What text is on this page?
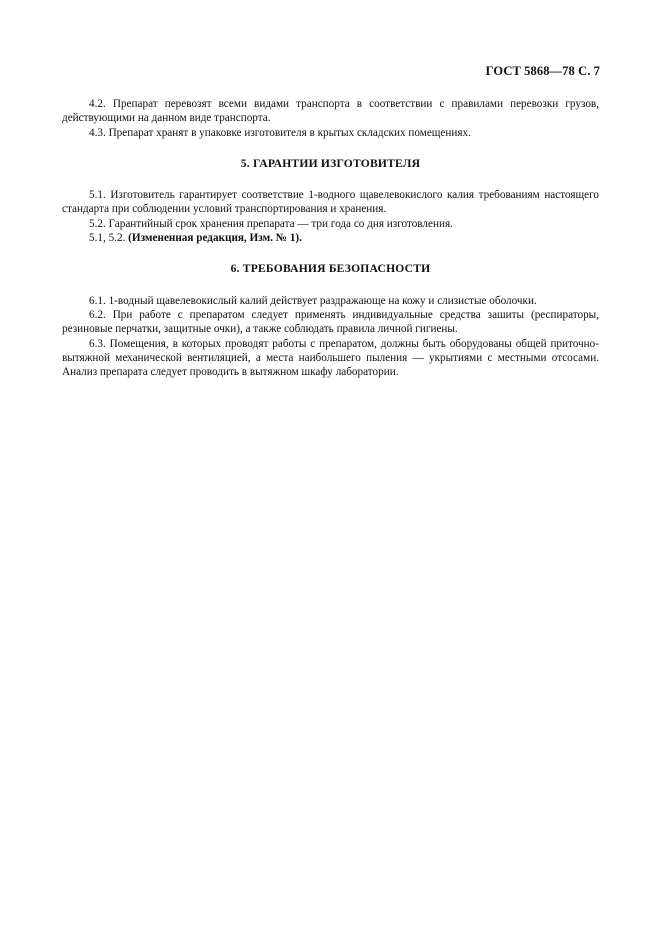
ГОСТ 5868—78 С. 7

4.2. Препарат перевозят всеми видами транспорта в соответствии с правилами перевозки грузов, действующими на данном виде транспорта.

4.3. Препарат хранят в упаковке изготовителя в крытых складских помещениях.

5. ГАРАНТИИ ИЗГОТОВИТЕЛЯ

5.1. Изготовитель гарантирует соответствие 1-водного щавелевокислого калия требованиям настоящего стандарта при соблюдении условий транспортирования и хранения.

5.2. Гарантийный срок хранения препарата — три года со дня изготовления.

5.1, 5.2. (Измененная редакция, Изм. № 1).

6. ТРЕБОВАНИЯ БЕЗОПАСНОСТИ

6.1. 1-водный щавелевокислый калий действует раздражающе на кожу и слизистые оболочки.

6.2. При работе с препаратом следует применять индивидуальные средства зашиты (респираторы, резиновые перчатки, защитные очки), а также соблюдать правила личной гигиены.

6.3. Помещения, в которых проводят работы с препаратом, должны быть оборудованы общей приточно-вытяжной механической вентиляцией, а места наибольшего пыления — укрытиями с местными отсосами. Анализ препарата следует проводить в вытяжном шкафу лаборатории.
